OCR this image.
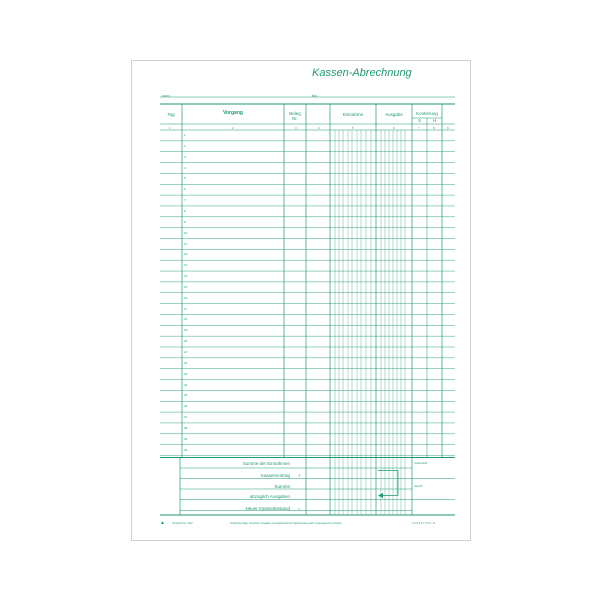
Kassen-Abrechnung
vom	bis
Tag	Vorgang	Beleg
Nr.
Einnahme	Ausgabe	Kontierung
S	H
1	2	3	4	5	6	7	8	9
1
2
3
4
5
6
7
8
9
10
11
12
13
14
15
16
17
18
19
20
21
22
23
24
25
26
27
28
29
30
Summe der Einnahmen
Kassenvortrag +
Summe
abzüglich Ausgaben
Neuer Kassenbestand =
Unterschrift
Geprüft
▲	Vordruck Nr. 3112	Vordruckverlag; Vorschrift. Angaben und elektronische Speicherung nach vorausgesetzt verboten.	3 4 6 9 4 7 5 5 9 - 8
